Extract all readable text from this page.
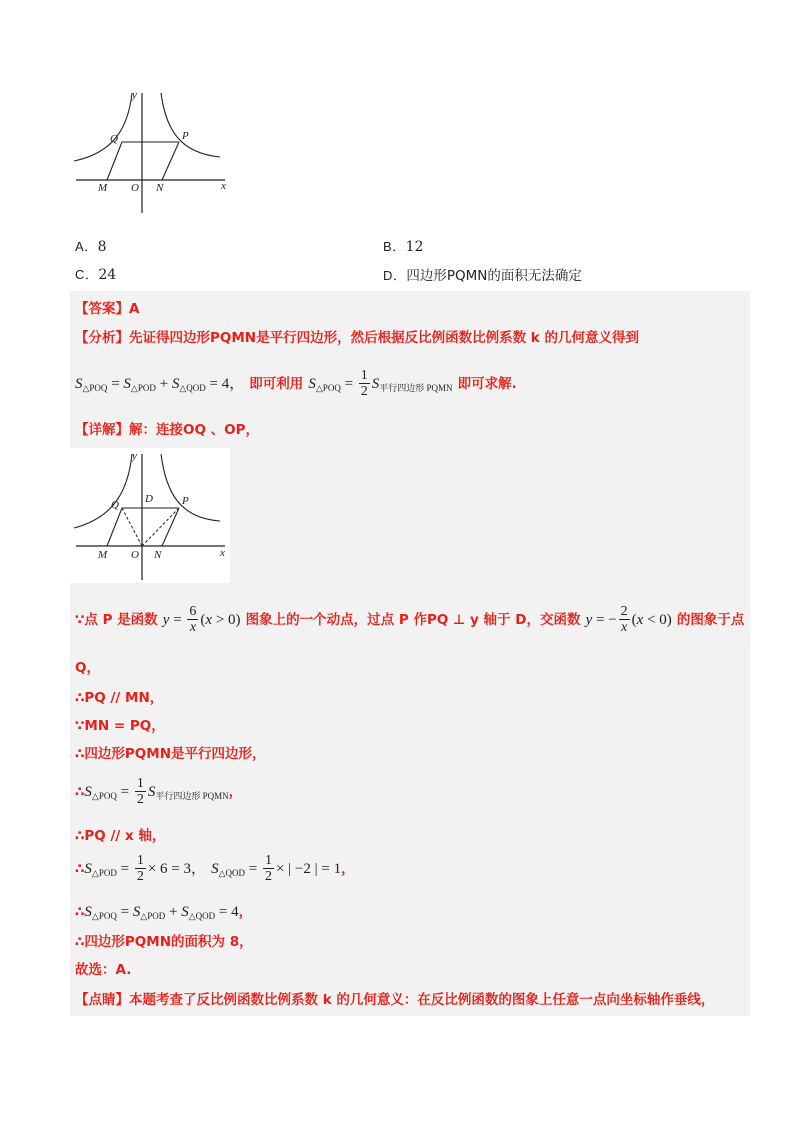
y
x
Q	P
M O N
A．8	B．12
C．24	D．四边形PQMN的面积无法确定
【答案】A
【分析】先证得四边形PQMN是平行四边形，然后根据反比例函数比例系数 k 的几何意义得到
$S_{\triangle POQ} = S_{\triangle POD} + S_{\triangle QOD} = 4$， 即可利用 $S_{\triangle POQ} = \frac{1}{2} S_{平行四边形 PQMN}$ 即可求解.
【详解】解：连接OQ 、OP，
y
x
Q D	P
M O N
∵点 P 是函数 $y = \frac{6}{x} (x > 0)$ 图象上的一个动点，过点 P 作PQ ⊥ y 轴于 D，交函数 y = − $\frac{2}{x} (x < 0)$ 的图象于点
Q，
∴PQ // MN，
∵MN = PQ，
∴四边形PQMN是平行四边形，
$\therefore S_{\triangle POQ} = \frac{1}{2} S_{平行四边形 PQMN}$，
∴PQ // x 轴，
$\therefore S_{\triangle POD} = \frac{1}{2} \times 6 = 3$， $S_{\triangle QOD} = \frac{1}{2}$ × | −2 | = 1，
$\therefore S_{\triangle POQ} = S_{\triangle POD} + S_{\triangle QOD} = 4$，
∴四边形PQMN的面积为 8，
故选：A.
【点睛】本题考查了反比例函数比例系数 k 的几何意义：在反比例函数的图象上任意一点向坐标轴作垂线，
